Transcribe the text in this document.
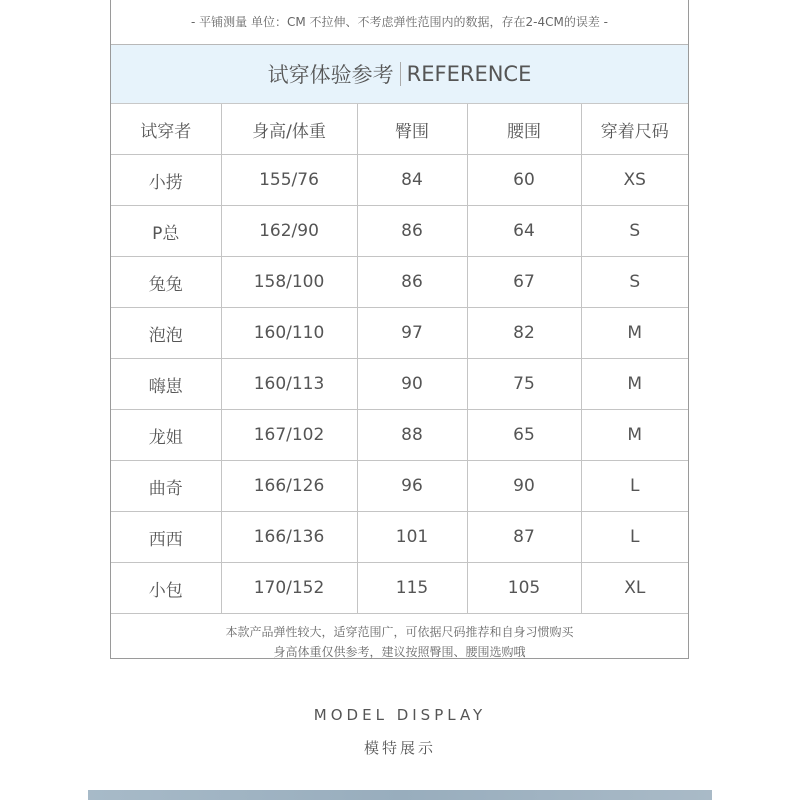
- 平铺测量 单位：CM 不拉伸、不考虑弹性范围内的数据，存在2-4CM的误差 -
试穿体验参考 REFERENCE
试穿者	身高/体重	臀围	腰围	穿着尺码
小捞	155/76	84	60	XS
P总	162/90	86	64	S
兔兔	158/100	86	67	S
泡泡	160/110	97	82	M
嗨崽	160/113	90	75	M
龙姐	167/102	88	65	M
曲奇	166/126	96	90	L
西西	166/136	101	87	L
小包	170/152	115	105	XL
本款产品弹性较大，适穿范围广，可依据尺码推荐和自身习惯购买
身高体重仅供参考，建议按照臀围、腰围选购哦
MODEL DISPLAY
模特展示
